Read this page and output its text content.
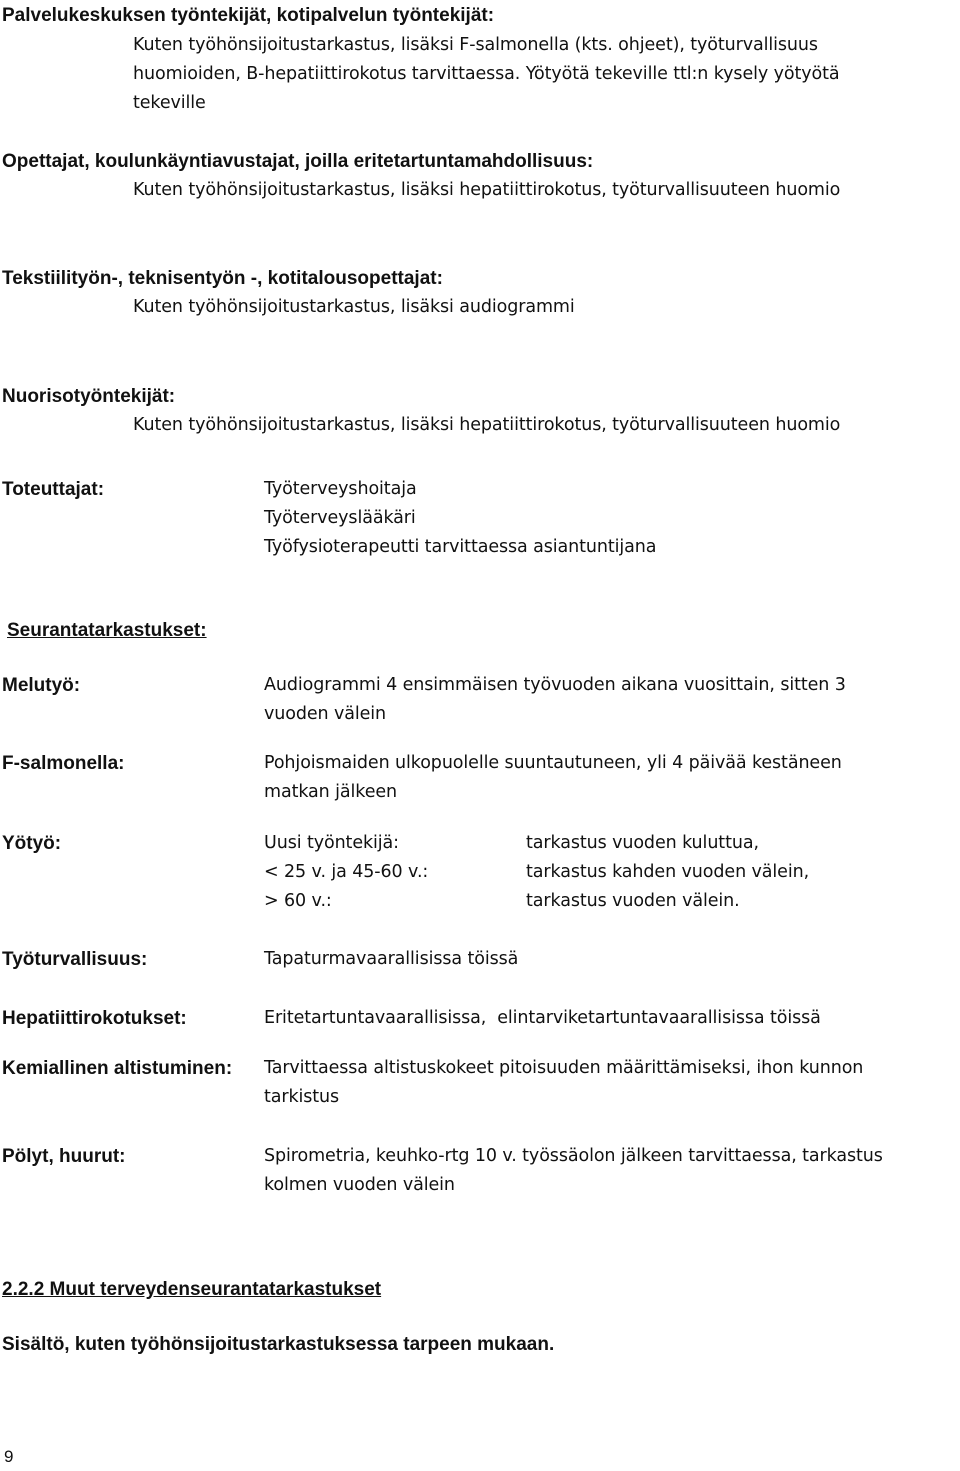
Palvelukeskuksen työntekijät, kotipalvelun työntekijät:
Kuten työhönsijoitustarkastus, lisäksi F-salmonella (kts. ohjeet), työturvallisuus
huomioiden, B-hepatiittirokotus tarvittaessa. Yötyötä tekeville ttl:n kysely yötyötä
tekeville
Opettajat, koulunkäyntiavustajat, joilla eritetartuntamahdollisuus:
Kuten työhönsijoitustarkastus, lisäksi hepatiittirokotus, työturvallisuuteen huomio
Tekstiilityön-, teknisentyön -, kotitalousopettajat:
Kuten työhönsijoitustarkastus, lisäksi audiogrammi
Nuorisotyöntekijät:
Kuten työhönsijoitustarkastus, lisäksi hepatiittirokotus, työturvallisuuteen huomio
Toteuttajat:	Työterveyshoitaja
Työterveyslääkäri
Työfysioterapeutti tarvittaessa asiantuntijana
Seurantatarkastukset:
Melutyö:	Audiogrammi 4 ensimmäisen työvuoden aikana vuosittain, sitten 3
vuoden välein
F-salmonella:	Pohjoismaiden ulkopuolelle suuntautuneen, yli 4 päivää kestäneen
matkan jälkeen
Yötyö:	Uusi työntekijä:	tarkastus vuoden kuluttua,
< 25 v. ja 45-60 v.:	tarkastus kahden vuoden välein,
> 60 v.:	tarkastus vuoden välein.
Työturvallisuus:	Tapaturmavaarallisissa töissä
Hepatiittirokotukset:	Eritetartuntavaarallisissa,  elintarviketartuntavaarallisissa töissä
Kemiallinen altistuminen: Tarvittaessa altistuskokeet pitoisuuden määrittämiseksi, ihon kunnon
tarkistus
Pölyt, huurut:	Spirometria, keuhko-rtg 10 v. työssäolon jälkeen tarvittaessa, tarkastus
kolmen vuoden välein
2.2.2 Muut terveydenseurantatarkastukset
Sisältö, kuten työhönsijoitustarkastuksessa tarpeen mukaan.
9
